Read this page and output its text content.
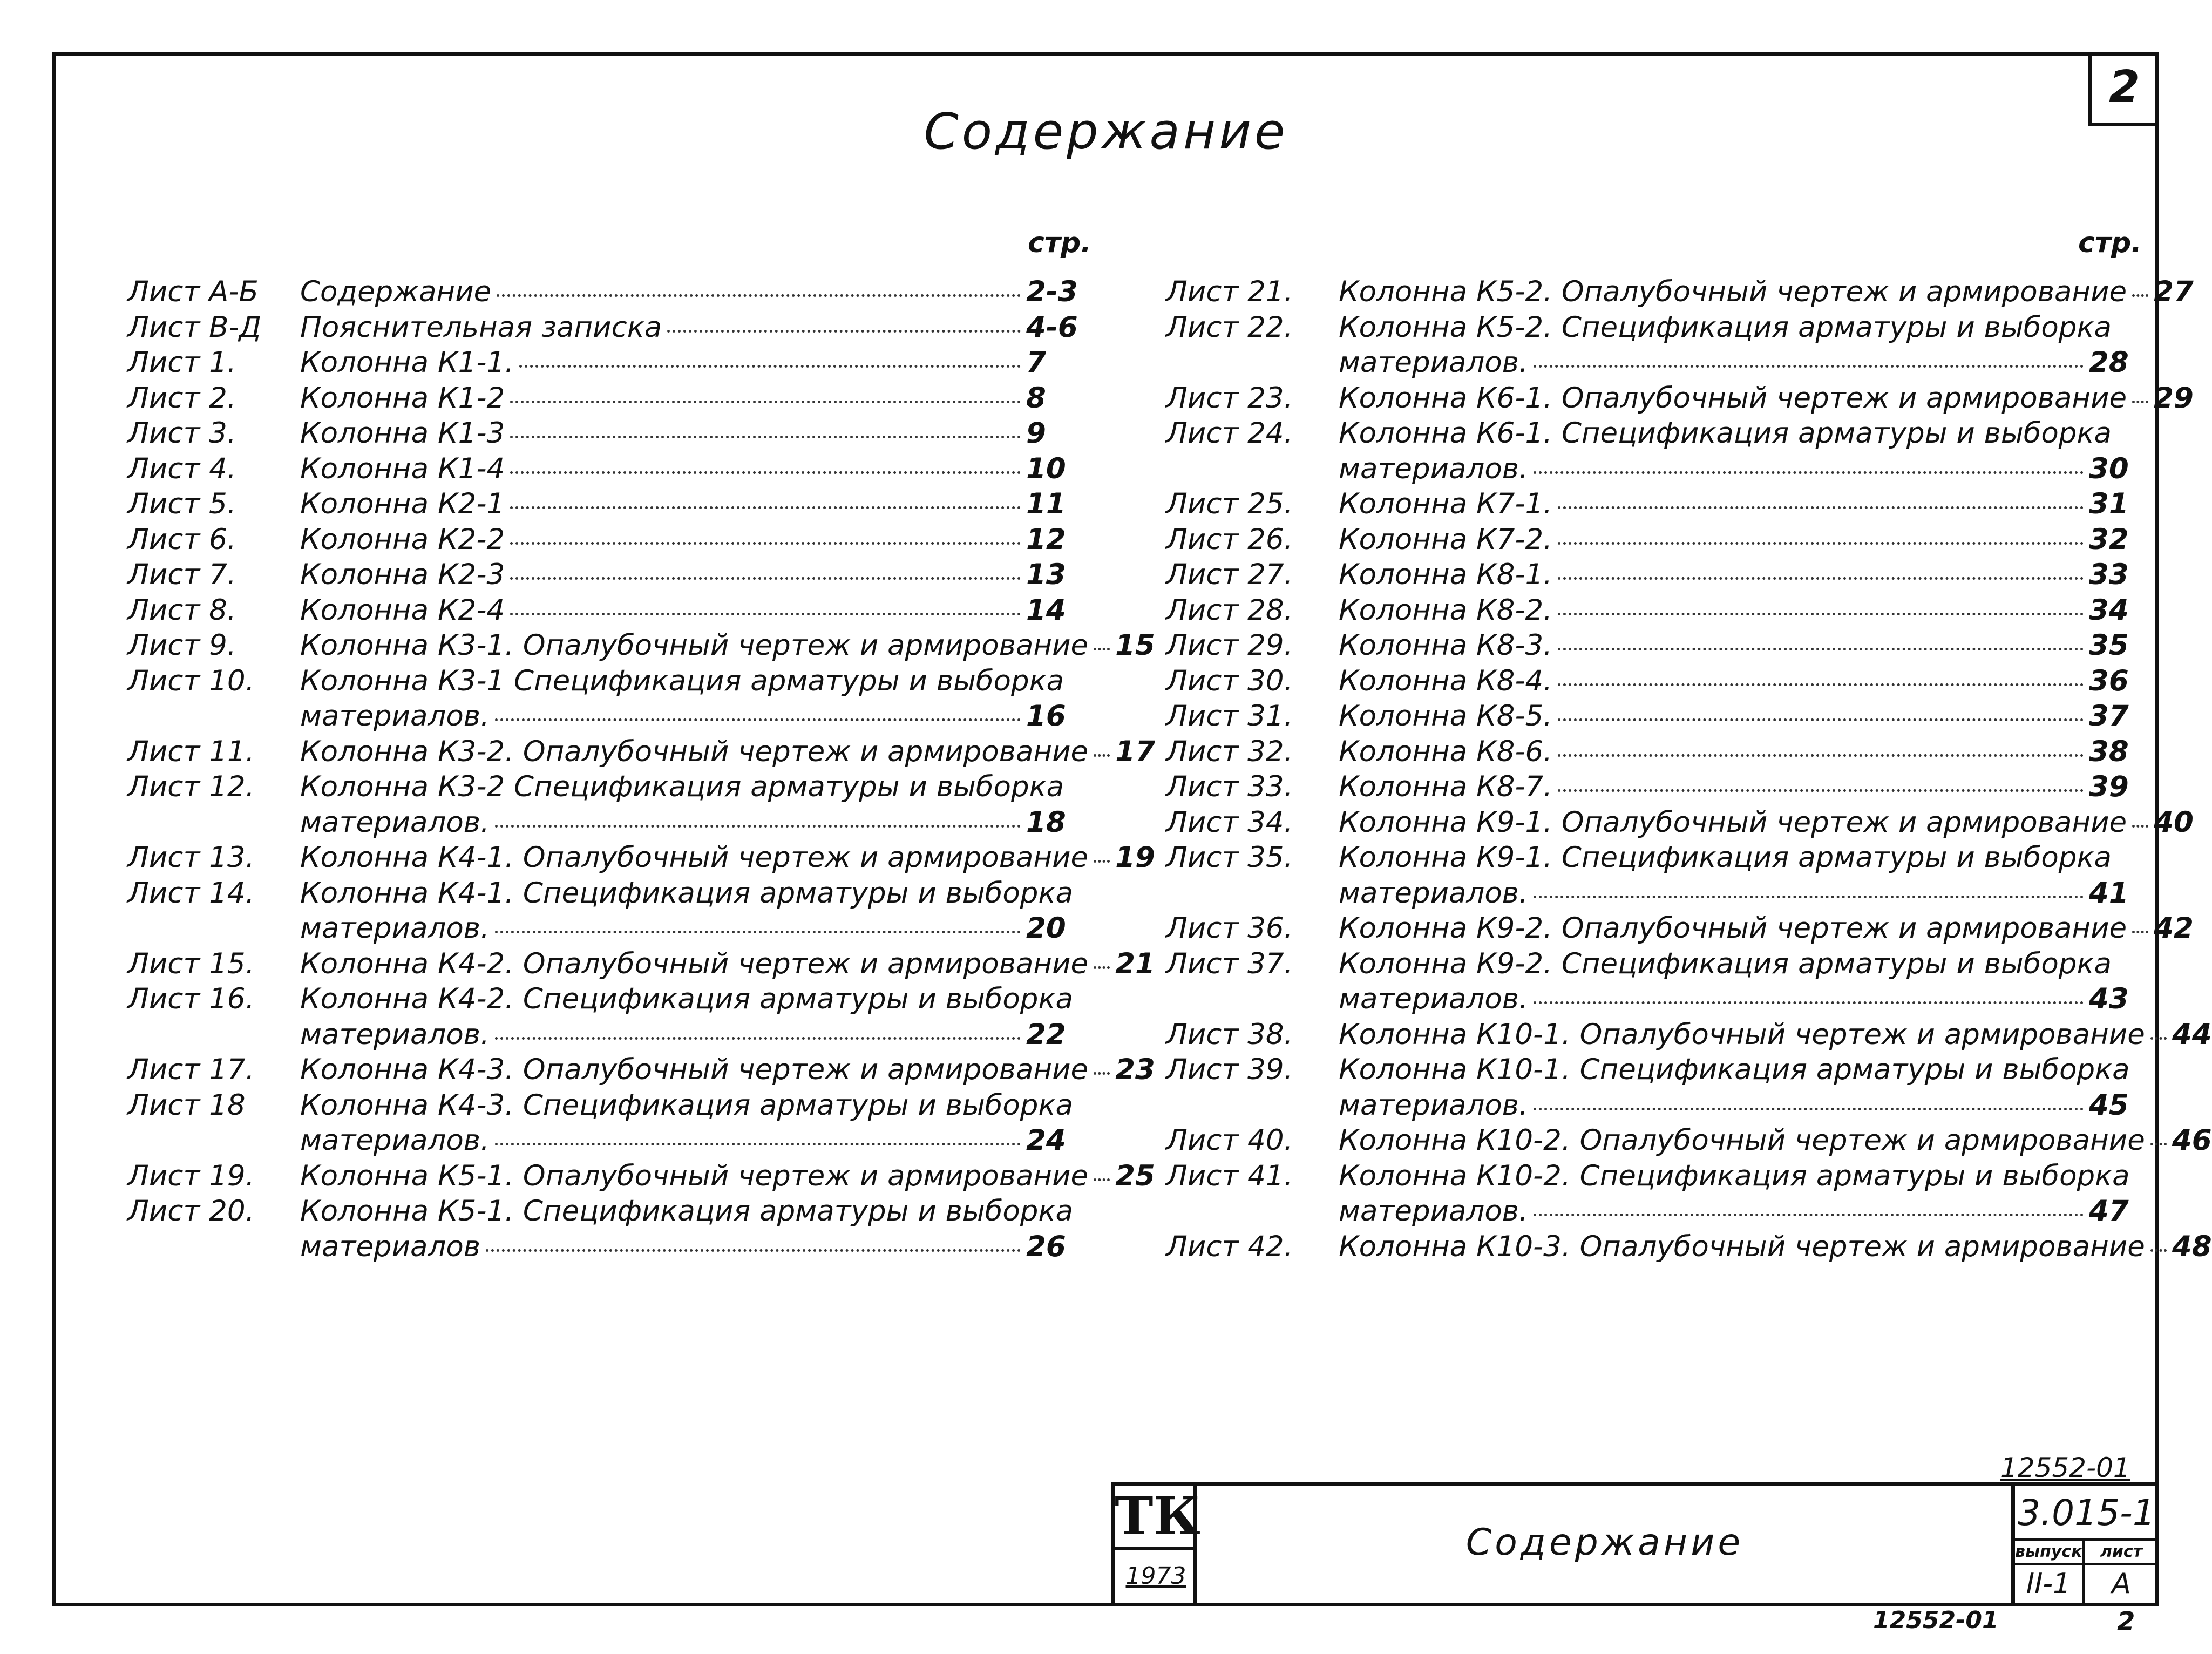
2
Содержание
стр.	стр.
Лист А-Б Содержание	2-3
Лист В-Д Пояснительная записка	4-6
Лист 1. Колонна К1-1.	7
Лист 2. Колонна К1-2	8
Лист 3. Колонна К1-3	9
Лист 4. Колонна К1-4	10
Лист 5. Колонна К2-1	11
Лист 6. Колонна К2-2	12
Лист 7. Колонна К2-3	13
Лист 8. Колонна К2-4	14
Лист 9. Колонна К3-1. Опалубочный чертеж и армирование 15
Лист 10. Колонна К3-1 Спецификация арматуры и выборка
материалов.	16
Лист 11. Колонна К3-2. Опалубочный чертеж и армирование 17
Лист 12. Колонна К3-2 Спецификация арматуры и выборка
материалов.	18
Лист 13. Колонна К4-1. Опалубочный чертеж и армирование 19
Лист 14. Колонна К4-1. Спецификация арматуры и выборка
материалов.	20
Лист 15. Колонна К4-2. Опалубочный чертеж и армирование 21
Лист 16. Колонна К4-2. Спецификация арматуры и выборка
материалов.	22
Лист 17. Колонна К4-3. Опалубочный чертеж и армирование 23
Лист 18 Колонна К4-3. Спецификация арматуры и выборка
материалов.	24
Лист 19. Колонна К5-1. Опалубочный чертеж и армирование 25
Лист 20. Колонна К5-1. Спецификация арматуры и выборка
материалов	26
Лист 21. Колонна К5-2. Опалубочный чертеж и армирование 27
Лист 22. Колонна К5-2. Спецификация арматуры и выборка
материалов.	28
Лист 23. Колонна К6-1. Опалубочный чертеж и армирование 29
Лист 24. Колонна К6-1. Спецификация арматуры и выборка
материалов.	30
Лист 25. Колонна К7-1.	31
Лист 26. Колонна К7-2.	32
Лист 27. Колонна К8-1.	33
Лист 28. Колонна К8-2.	34
Лист 29. Колонна К8-3.	35
Лист 30. Колонна К8-4.	36
Лист 31. Колонна К8-5.	37
Лист 32. Колонна К8-6.	38
Лист 33. Колонна К8-7.	39
Лист 34. Колонна К9-1. Опалубочный чертеж и армирование 40
Лист 35. Колонна К9-1. Спецификация арматуры и выборка
материалов.	41
Лист 36. Колонна К9-2. Опалубочный чертеж и армирование 42
Лист 37. Колонна К9-2. Спецификация арматуры и выборка
материалов.	43
Лист 38. Колонна К10-1. Опалубочный чертеж и армирование 44
Лист 39. Колонна К10-1. Спецификация арматуры и выборка
материалов.	45
Лист 40. Колонна К10-2. Опалубочный чертеж и армирование 46
Лист 41. Колонна К10-2. Спецификация арматуры и выборка
материалов.	47
Лист 42. Колонна К10-3. Опалубочный чертеж и армирование 48
12552-01
ТК
1973
Содержание
3.015-1
выпуск
II-1
лист
А
12552-01	2
